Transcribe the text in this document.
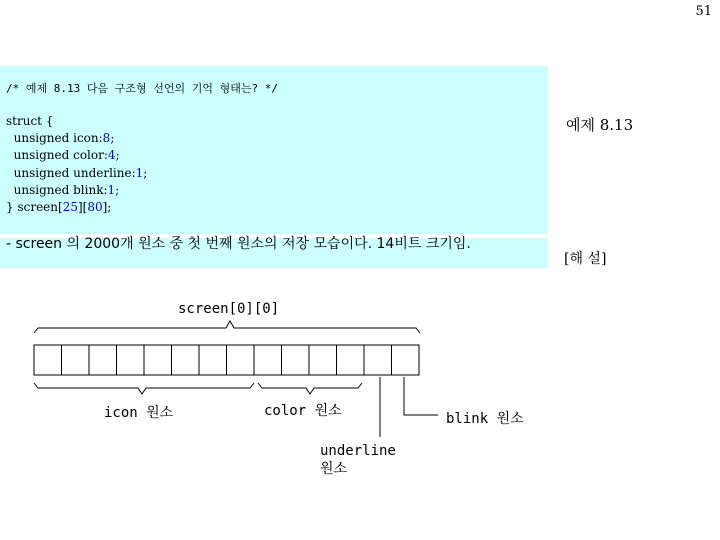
51
/* 예제 8.13 다음 구조형 선언의 기억 형태는? */
struct {
unsigned icon:8;
unsigned color:4;
unsigned underline:1;
unsigned blink:1;
} screen[25][80];
- screen 의 2000개 원소 중 첫 번째 원소의 저장 모습이다. 14비트 크기임.
예제 8.13
[해 설]
screen[0][0]
icon 원소	color 원소
underline
원소
blink 원소
